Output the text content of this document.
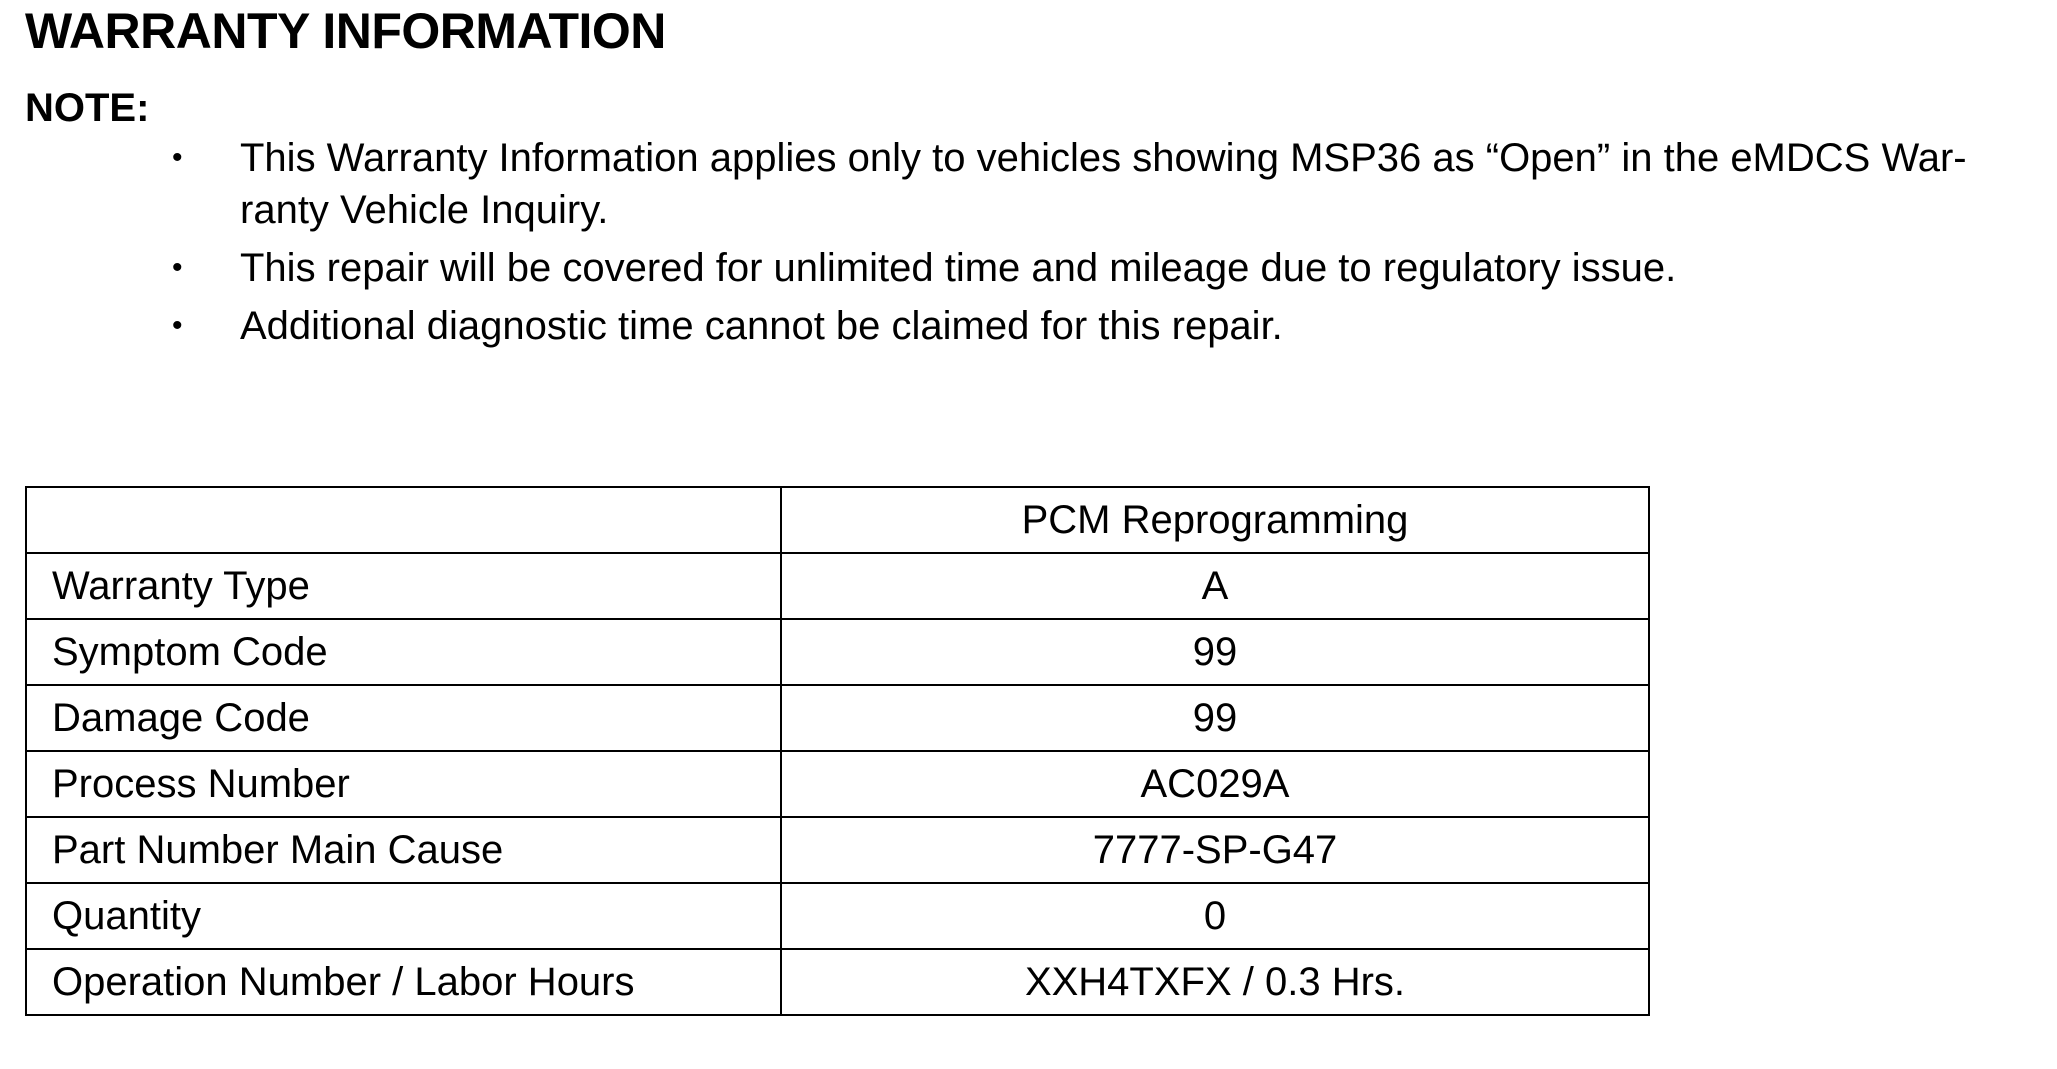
WARRANTY INFORMATION
NOTE:
• This Warranty Information applies only to vehicles showing MSP36 as “Open” in the eMDCS War-ranty Vehicle Inquiry.
• This repair will be covered for unlimited time and mileage due to regulatory issue.
• Additional diagnostic time cannot be claimed for this repair.
	PCM Reprogramming
Warranty Type	A
Symptom Code	99
Damage Code	99
Process Number	AC029A
Part Number Main Cause	7777-SP-G47
Quantity	0
Operation Number / Labor Hours	XXH4TXFX / 0.3 Hrs.
